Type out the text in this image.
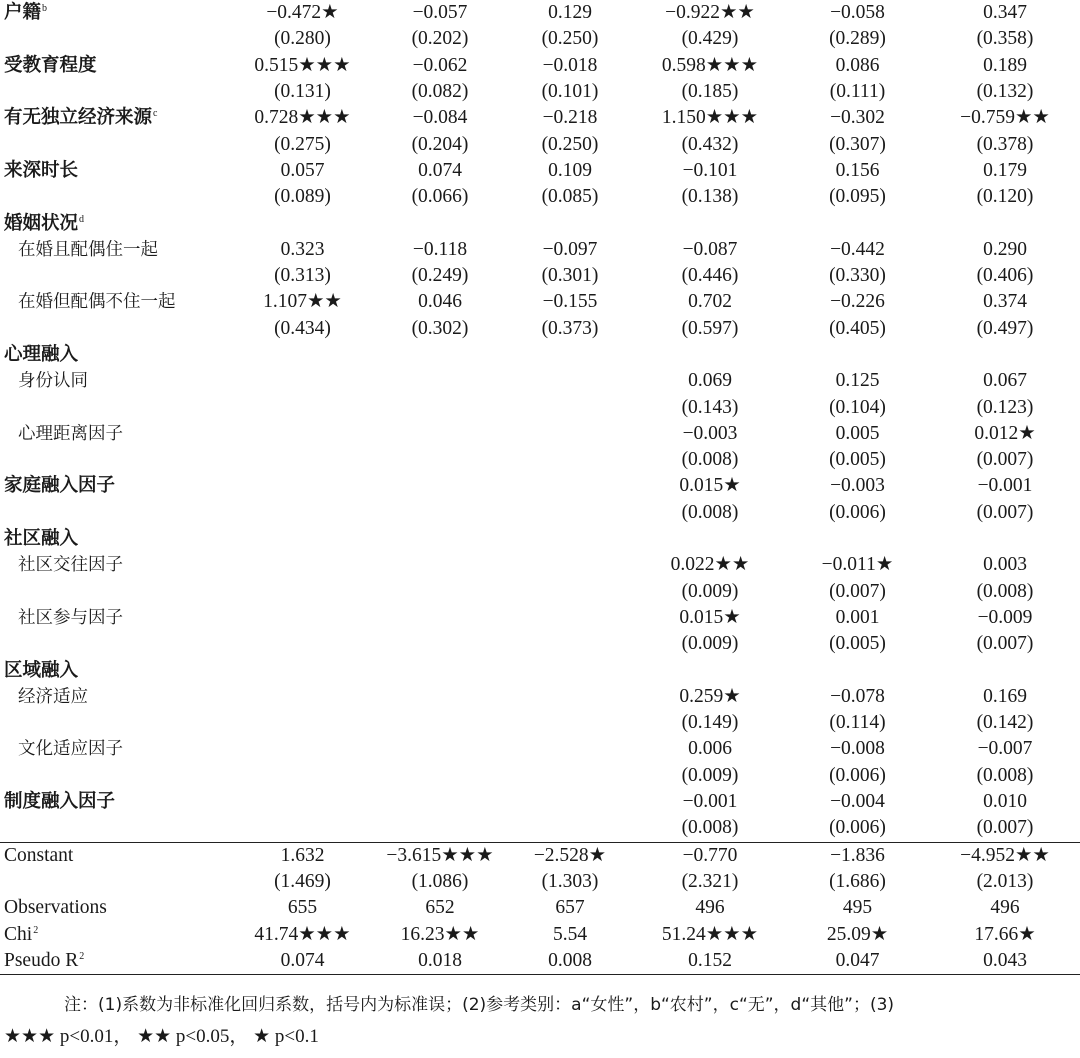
户籍$^b$	−0.472★	−0.057	0.129	−0.922★★	−0.058	0.347
	(0.280)	(0.202)	(0.250)	(0.429)	(0.289)	(0.358)
受教育程度	0.515★★★	−0.062	−0.018	0.598★★★	0.086	0.189
	(0.131)	(0.082)	(0.101)	(0.185)	(0.111)	(0.132)
有无独立经济来源$^c$	0.728★★★	−0.084	−0.218	1.150★★★	−0.302	−0.759★★
	(0.275)	(0.204)	(0.250)	(0.432)	(0.307)	(0.378)
来深时长	0.057	0.074	0.109	−0.101	0.156	0.179
	(0.089)	(0.066)	(0.085)	(0.138)	(0.095)	(0.120)
婚姻状况$^d$						
在婚且配偶住一起	0.323	−0.118	−0.097	−0.087	−0.442	0.290
	(0.313)	(0.249)	(0.301)	(0.446)	(0.330)	(0.406)
在婚但配偶不住一起	1.107★★	0.046	−0.155	0.702	−0.226	0.374
	(0.434)	(0.302)	(0.373)	(0.597)	(0.405)	(0.497)
心理融入						
身份认同				0.069	0.125	0.067
				(0.143)	(0.104)	(0.123)
心理距离因子				−0.003	0.005	0.012★
				(0.008)	(0.005)	(0.007)
家庭融入因子				0.015★	−0.003	−0.001
				(0.008)	(0.006)	(0.007)
社区融入						
社区交往因子				0.022★★	−0.011★	0.003
				(0.009)	(0.007)	(0.008)
社区参与因子				0.015★	0.001	−0.009
				(0.009)	(0.005)	(0.007)
区域融入						
经济适应				0.259★	−0.078	0.169
				(0.149)	(0.114)	(0.142)
文化适应因子				0.006	−0.008	−0.007
				(0.009)	(0.006)	(0.008)
制度融入因子				−0.001	−0.004	0.010
				(0.008)	(0.006)	(0.007)
Constant	1.632	−3.615★★★	−2.528★	−0.770	−1.836	−4.952★★
	(1.469)	(1.086)	(1.303)	(2.321)	(1.686)	(2.013)
Observations	655	652	657	496	495	496
Chi$^2$	41.74★★★	16.23★★	5.54	51.24★★★	25.09★	17.66★
Pseudo $R^2$	0.074	0.018	0.008	0.152	0.047	0.043
注：(1)系数为非标准化回归系数，括号内为标准误；(2)参考类别：a“女性”，b“农村”，c“无”，d“其他”；(3)
★★★ p<0.01， ★★ p<0.05， ★ p<0.1
